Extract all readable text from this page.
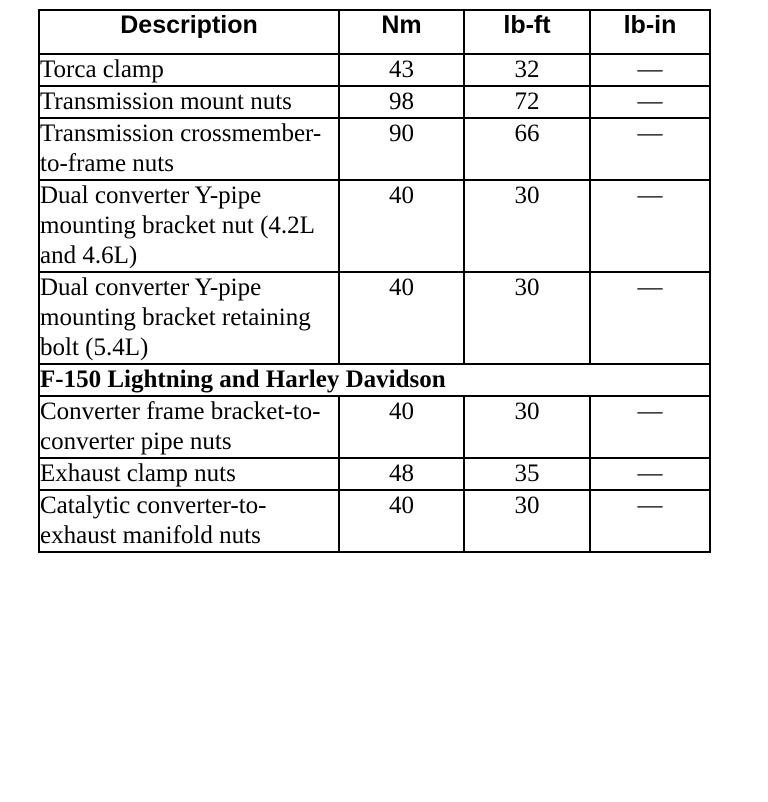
Description	Nm	lb-ft	lb-in
Torca clamp	43	32	—
Transmission mount nuts	98	72	—
Transmission crossmember-to-frame nuts	90	66	—
Dual converter Y-pipe mounting bracket nut (4.2L and 4.6L)	40	30	—
Dual converter Y-pipe mounting bracket retaining bolt (5.4L)	40	30	—
F-150 Lightning and Harley Davidson			
Converter frame bracket-to-converter pipe nuts	40	30	—
Exhaust clamp nuts	48	35	—
Catalytic converter-to-exhaust manifold nuts	40	30	—
